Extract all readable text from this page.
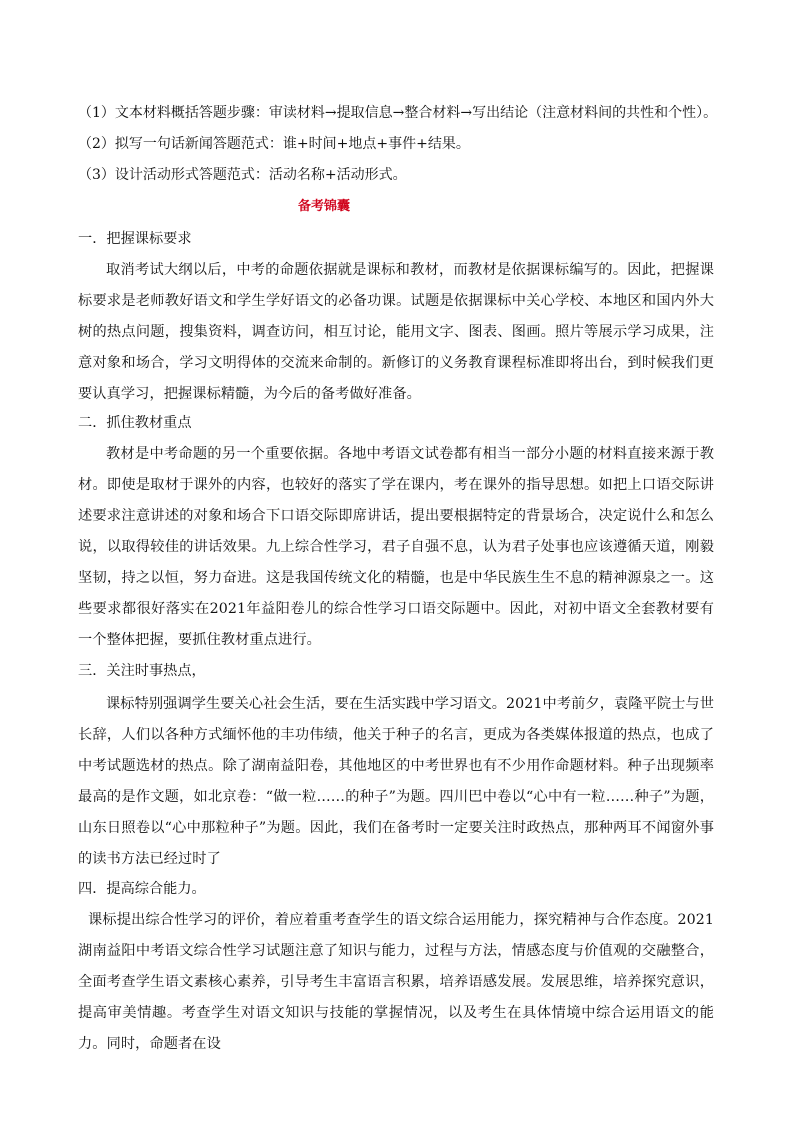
（1）文本材料概括答题步骤：审读材料→提取信息→整合材料→写出结论（注意材料间的共性和个性）。
（2）拟写一句话新闻答题范式：谁+时间+地点+事件+结果。
（3）设计活动形式答题范式：活动名称+活动形式。
备考锦囊
一．把握课标要求

取消考试大纲以后，中考的命题依据就是课标和教材，而教材是依据课标编写的。因此，把握课标要求是老师教好语文和学生学好语文的必备功课。试题是依据课标中关心学校、本地区和国内外大树的热点问题，搜集资料，调查访问，相互讨论，能用文字、图表、图画。照片等展示学习成果，注意对象和场合，学习文明得体的交流来命制的。新修订的义务教育课程标准即将出台，到时候我们更要认真学习，把握课标精髓，为今后的备考做好准备。

二．抓住教材重点

教材是中考命题的另一个重要依据。各地中考语文试卷都有相当一部分小题的材料直接来源于教材。即使是取材于课外的内容，也较好的落实了学在课内，考在课外的指导思想。如把上口语交际讲述要求注意讲述的对象和场合下口语交际即席讲话，提出要根据特定的背景场合，决定说什么和怎么说，以取得较佳的讲话效果。九上综合性学习，君子自强不息，认为君子处事也应该遵循天道，刚毅坚韧，持之以恒，努力奋进。这是我国传统文化的精髓，也是中华民族生生不息的精神源泉之一。这些要求都很好落实在2021年益阳卷儿的综合性学习口语交际题中。因此，对初中语文全套教材要有一个整体把握，要抓住教材重点进行。

三．关注时事热点，

课标特别强调学生要关心社会生活，要在生活实践中学习语文。2021中考前夕，袁隆平院士与世长辞，人们以各种方式缅怀他的丰功伟绩，他关于种子的名言，更成为各类媒体报道的热点，也成了中考试题选材的热点。除了湖南益阳卷，其他地区的中考世界也有不少用作命题材料。种子出现频率最高的是作文题，如北京卷：“做一粒……的种子”为题。四川巴中卷以“心中有一粒……种子”为题，山东日照卷以“心中那粒种子”为题。因此，我们在备考时一定要关注时政热点，那种两耳不闻窗外事的读书方法已经过时了

四．提高综合能力。

课标提出综合性学习的评价，着应着重考查学生的语文综合运用能力，探究精神与合作态度。2021湖南益阳中考语文综合性学习试题注意了知识与能力，过程与方法，情感态度与价值观的交融整合，全面考查学生语文素核心素养，引导考生丰富语言积累，培养语感发展。发展思维，培养探究意识，提高审美情趣。考查学生对语文知识与技能的掌握情况，以及考生在具体情境中综合运用语文的能力。同时，命题者在设
